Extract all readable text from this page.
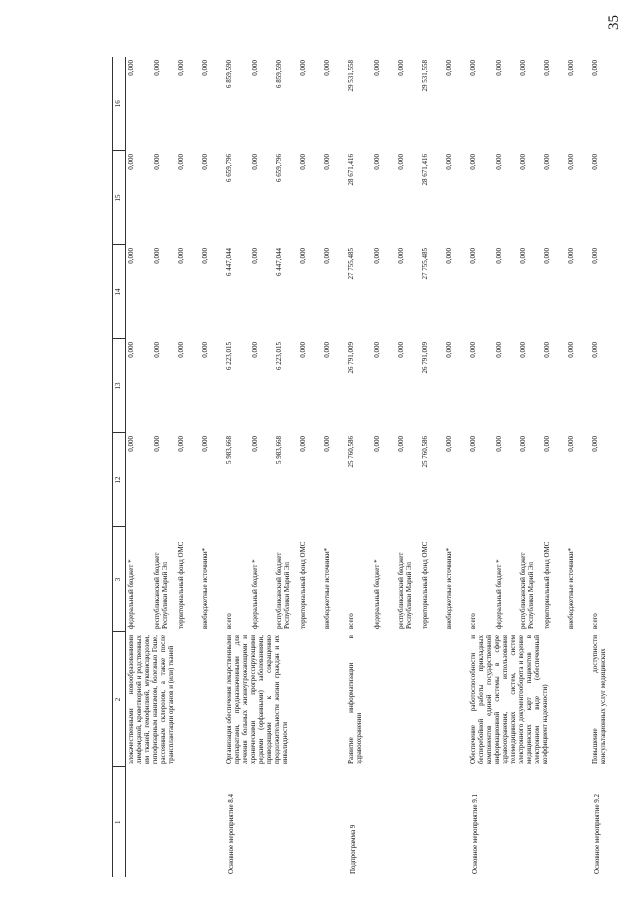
35
1	2	3	12	13	14	15	16
	злокачественными новообразованиями лимфоидной, кроветворной и родственных им тканей, гемофилией, муковисцидозом, гипофизарным нанизмом, болезнью Гоше, рассеянным склерозом, а также после трансплантации органов и (или) тканей	федеральный бюджет *	0,000	0,000	0,000	0,000	0,000
		республиканский бюджет Республики Марий Эл	0,000	0,000	0,000	0,000	0,000
		территориальный фонд ОМС	0,000	0,000	0,000	0,000	0,000
		внебюджетные источники*	0,000	0,000	0,000	0,000	0,000
Основное мероприятие 8.4	Организация обеспечения лекарственными препаратами, предназначенными для лечения больных жизнеугрожающими и хроническими прогрессирующими редкими (орфанными) заболеваниями, приводящими к сокращению продолжительности жизни граждан и их инвалидности	всего	5 983,668	6 223,015	6 447,044	6 659,796	6 859,590
		федеральный бюджет *	0,000	0,000	0,000	0,000	0,000
		республиканский бюджет Республики Марий Эл	5 983,668	6 223,015	6 447,044	6 659,796	6 859,590
		территориальный фонд ОМС	0,000	0,000	0,000	0,000	0,000
		внебюджетные источники*	0,000	0,000	0,000	0,000	0,000
Подпрограмма 9	Развитие информатизации в здравоохранении	всего	25 760,586	26 791,009	27 755,485	28 671,416	29 531,558
		федеральный бюджет *	0,000	0,000	0,000	0,000	0,000
		республиканский бюджет Республики Марий Эл	0,000	0,000	0,000	0,000	0,000
		территориальный фонд ОМС	25 760,586	26 791,009	27 755,485	28 671,416	29 531,558
		внебюджетные источники*	0,000	0,000	0,000	0,000	0,000
Основное мероприятие 9.1	Обеспечение работоспособности и бесперебойной работы прикладных компонентов единой государственной информационной системы в сфере здравоохранения, использования телемедицинских систем, систем электронного документооборота и ведение медицинских карт пациентов в электронном виде (обеспеченный коэффициент надежности)	всего	0,000	0,000	0,000	0,000	0,000
		федеральный бюджет *	0,000	0,000	0,000	0,000	0,000
		республиканский бюджет Республики Марий Эл	0,000	0,000	0,000	0,000	0,000
		территориальный фонд ОМС	0,000	0,000	0,000	0,000	0,000
		внебюджетные источники*	0,000	0,000	0,000	0,000	0,000
Основное мероприятие 9.2	Повышение доступности консультационных услуг медицинских	всего	0,000	0,000	0,000	0,000	0,000
